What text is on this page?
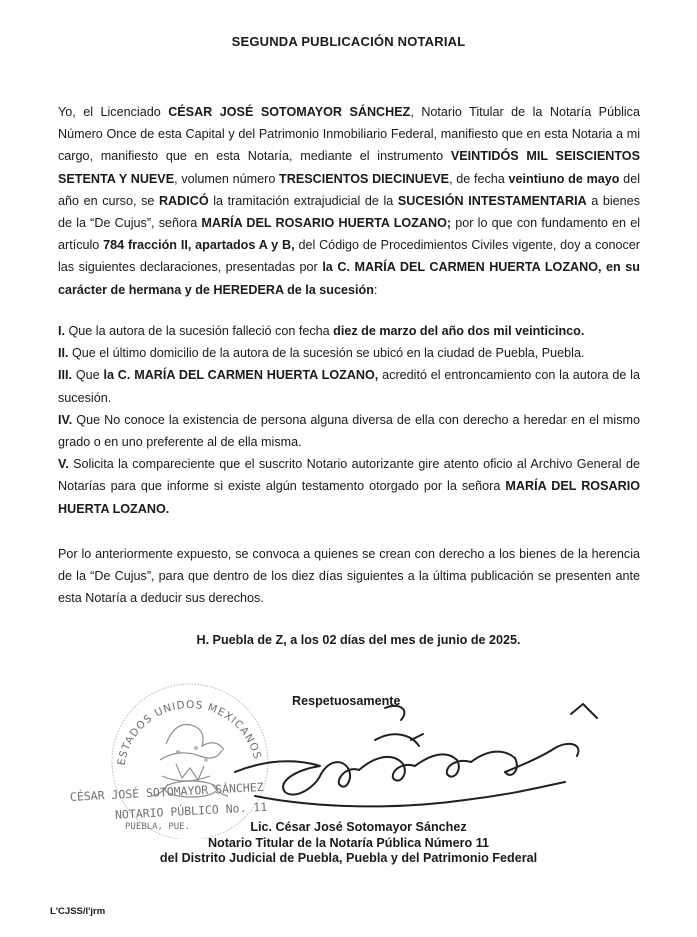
SEGUNDA PUBLICACIÓN NOTARIAL

Yo, el Licenciado CÉSAR JOSÉ SOTOMAYOR SÁNCHEZ, Notario Titular de la Notaría Pública Número Once de esta Capital y del Patrimonio Inmobiliario Federal, manifiesto que en esta Notaria a mi cargo, manifiesto que en esta Notaría, mediante el instrumento VEINTIDÓS MIL SEISCIENTOS SETENTA Y NUEVE, volumen número TRESCIENTOS DIECINUEVE, de fecha veintiuno de mayo del año en curso, se RADICÓ la tramitación extrajudicial de la SUCESIÓN INTESTAMENTARIA a bienes de la “De Cujus”, señora MARÍA DEL ROSARIO HUERTA LOZANO; por lo que con fundamento en el artículo 784 fracción II, apartados A y B, del Código de Procedimientos Civiles vigente, doy a conocer las siguientes declaraciones, presentadas por la C. MARÍA DEL CARMEN HUERTA LOZANO, en su carácter de hermana y de HEREDERA de la sucesión:

I. Que la autora de la sucesión falleció con fecha diez de marzo del año dos mil veinticinco.

II. Que el último domicilio de la autora de la sucesión se ubicó en la ciudad de Puebla, Puebla.

III. Que la C. MARÍA DEL CARMEN HUERTA LOZANO, acreditó el entroncamiento con la autora de la sucesión.

IV. Que No conoce la existencia de persona alguna diversa de ella con derecho a heredar en el mismo grado o en uno preferente al de ella misma.

V. Solicita la compareciente que el suscrito Notario autorizante gire atento oficio al Archivo General de Notarías para que informe si existe algún testamento otorgado por la señora MARÍA DEL ROSARIO HUERTA LOZANO.

Por lo anteriormente expuesto, se convoca a quienes se crean con derecho a los bienes de la herencia de la “De Cujus”, para que dentro de los diez días siguientes a la última publicación se presenten ante esta Notaría a deducir sus derechos.

H. Puebla de Z, a los 02 días del mes de junio de 2025.
ESTADOS UNIDOS MEXICANOS
Respetuosamente
CÉSAR JOSÉ SOTOMAYOR SÁNCHEZ
NOTARIO PÚBLICO No. 11
PUEBLA, PUE.	Lic. César José Sotomayor Sánchez
Notario Titular de la Notaría Pública Número 11
del Distrito Judicial de Puebla, Puebla y del Patrimonio Federal
L'CJSS/l'jrm
